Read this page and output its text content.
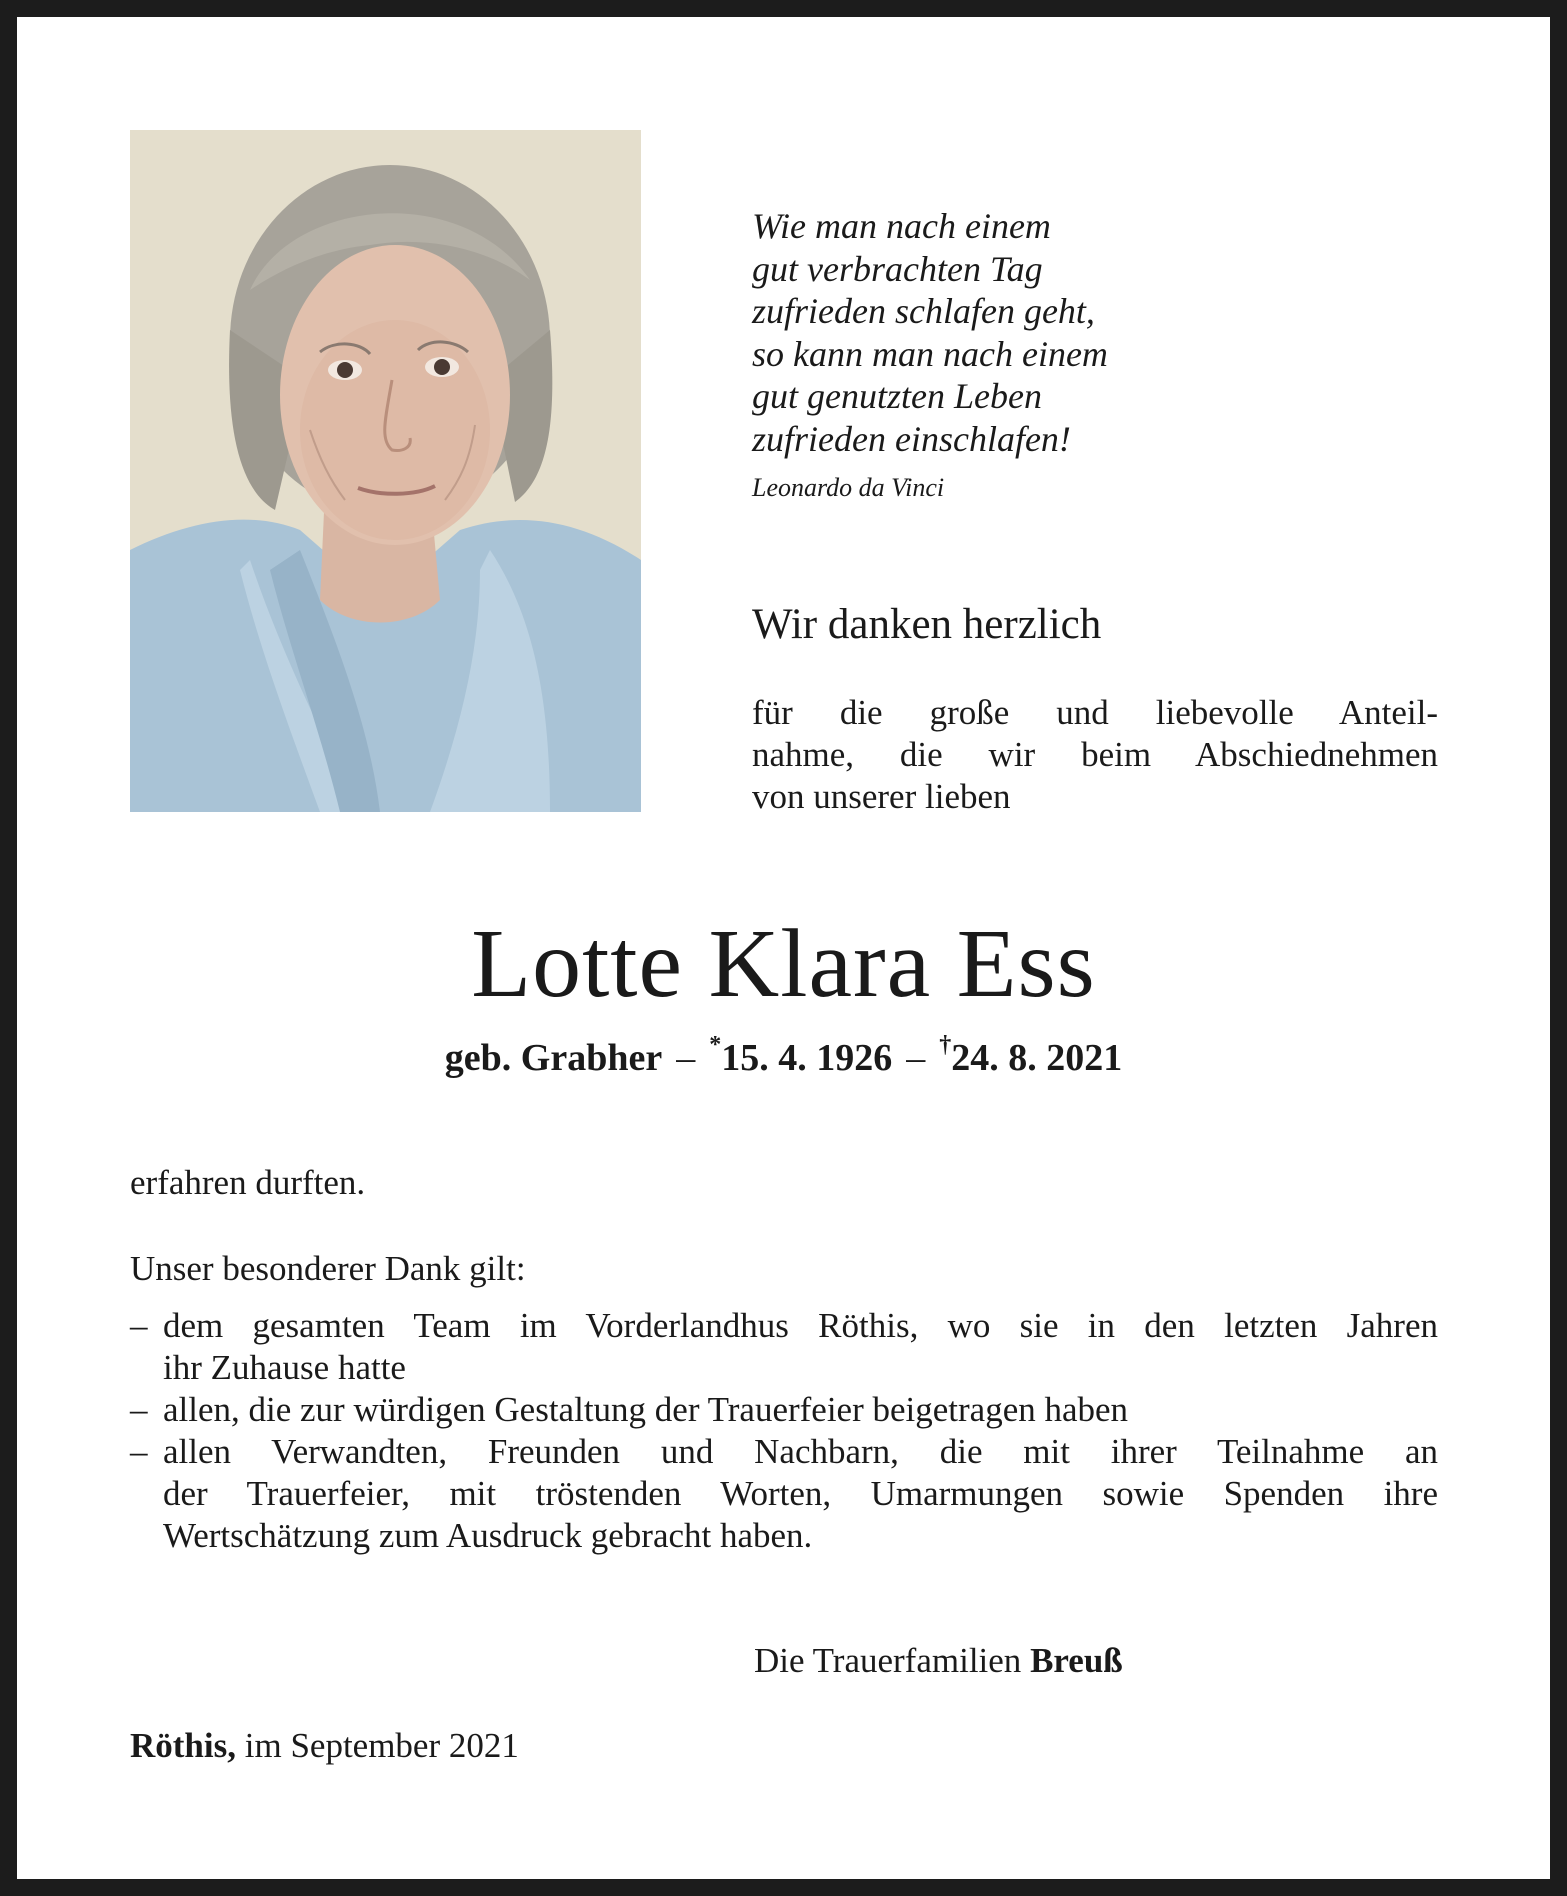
Wie man nach einem
gut verbrachten Tag
zufrieden schlafen geht,
so kann man nach einem
gut genutzten Leben
zufrieden einschlafen!
Leonardo da Vinci
Wir danken herzlich
für die große und liebevolle Anteil-
nahme, die wir beim Abschiednehmen
von unserer lieben
Lotte Klara Ess
geb. Grabher – *15. 4. 1926 – †24. 8. 2021
erfahren durften.
Unser besonderer Dank gilt:
– dem gesamten Team im Vorderlandhus Röthis, wo sie in den letzten Jahren
ihr Zuhause hatte
– allen, die zur würdigen Gestaltung der Trauerfeier beigetragen haben
– allen Verwandten, Freunden und Nachbarn, die mit ihrer Teilnahme an
der Trauerfeier, mit tröstenden Worten, Umarmungen sowie Spenden ihre
Wertschätzung zum Ausdruck gebracht haben.
Die Trauerfamilien Breuß
Röthis, im September 2021
